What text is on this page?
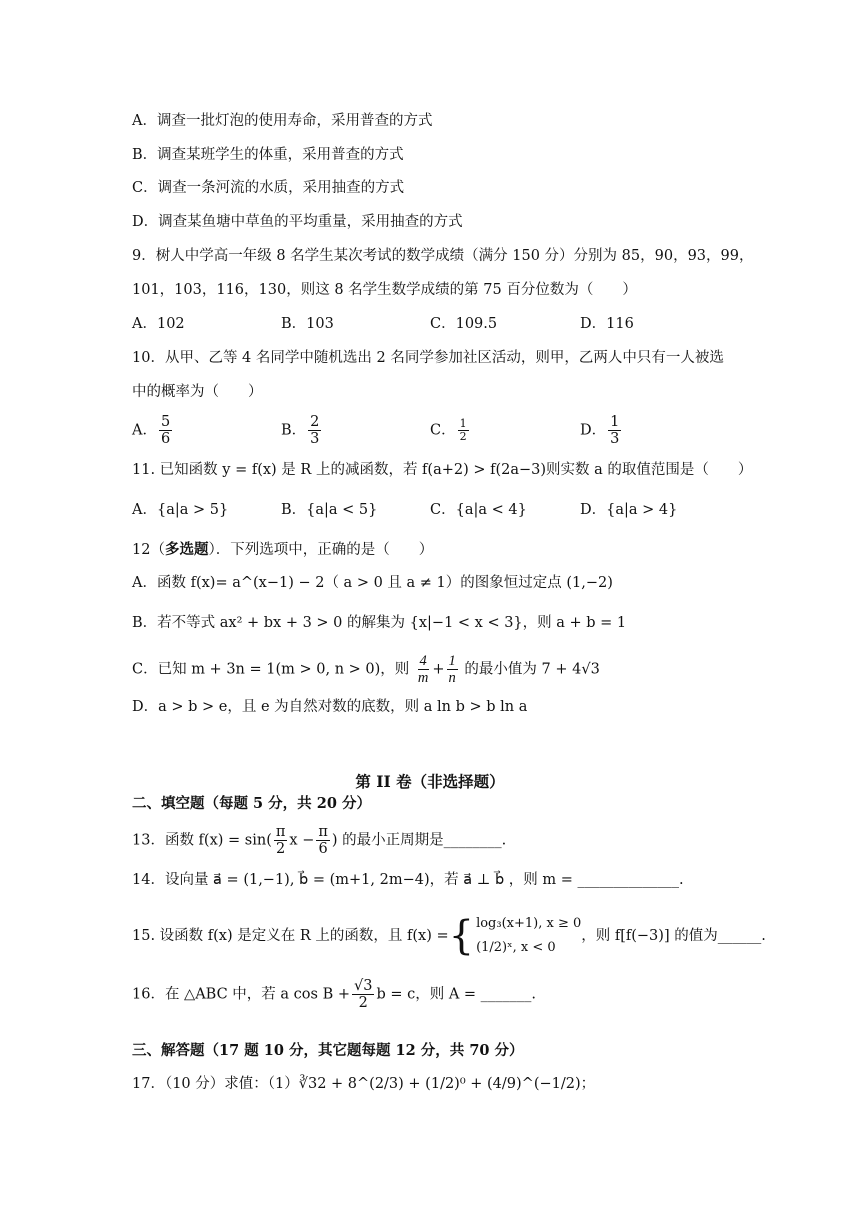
A．调查一批灯泡的使用寿命，采用普查的方式
B．调查某班学生的体重，采用普查的方式
C．调查一条河流的水质，采用抽查的方式
D．调查某鱼塘中草鱼的平均重量，采用抽查的方式
9．树人中学高一年级 8 名学生某次考试的数学成绩（满分 150 分）分别为 85，90，93，99，
101，103，116，130，则这 8 名学生数学成绩的第 75 百分位数为（　　）
A．102	B．103	C．109.5	D．116
10．从甲、乙等 4 名同学中随机选出 2 名同学参加社区活动，则甲，乙两人中只有一人被选
中的概率为（　　）
A． $\frac{5}{6}$	B． $\frac{2}{3}$	C． $\frac{1}{2}$	D． $\frac{1}{3}$
11. 已知函数 y = f(x) 是 R 上的减函数，若 f(a+2) > f(2a−3)则实数 a 的取值范围是（　　）
A．{a|a > 5}	B．{a|a < 5}	C．{a|a < 4}	D．{a|a > 4}
12（多选题）．下列选项中，正确的是（　　）
A．函数 f(x)= a^(x−1) − 2（ a > 0 且 a ≠ 1）的图象恒过定点 (1,−2)
B．若不等式 ax² + bx + 3 > 0 的解集为 {x|−1 < x < 3}，则 a + b = 1
C．已知 m + 3n = 1(m > 0, n > 0)，则 $\frac{4}{m} + \frac{1}{n}$ 的最小值为 7 + 4√3
D．a > b > e，且 e 为自然对数的底数，则 a ln b > b ln a
第 II 卷（非选择题）
二、填空题（每题 5 分，共 20 分）
13．函数 $f(x) = \sin( \frac{\pi}{2}$ $x - \frac{\pi}{6}$ ) 的最小正周期是________.
14．设向量 a⃗ = (1,−1), b⃗ = (m+1, 2m−4)，若 a⃗ ⊥ b⃗ ，则 m = ______________.
15. 设函数 f(x) 是定义在 R 上的函数，且 f(x) ={ log₃(x+1), x ≥ 0
(1/2)ˣ, x < 0
，则 f[f(−3)] 的值为______.
16．在 △ABC 中，若 a $\cos B + \frac{√3}{2}$ b = c，则 A = _______.
三、解答题（17 题 10 分，其它题每题 12 分，共 70 分）
17．（10 分）求值：（1）∛32 + 8^(2/3) + (1/2)⁰ + (4/9)^(−1/2)；
